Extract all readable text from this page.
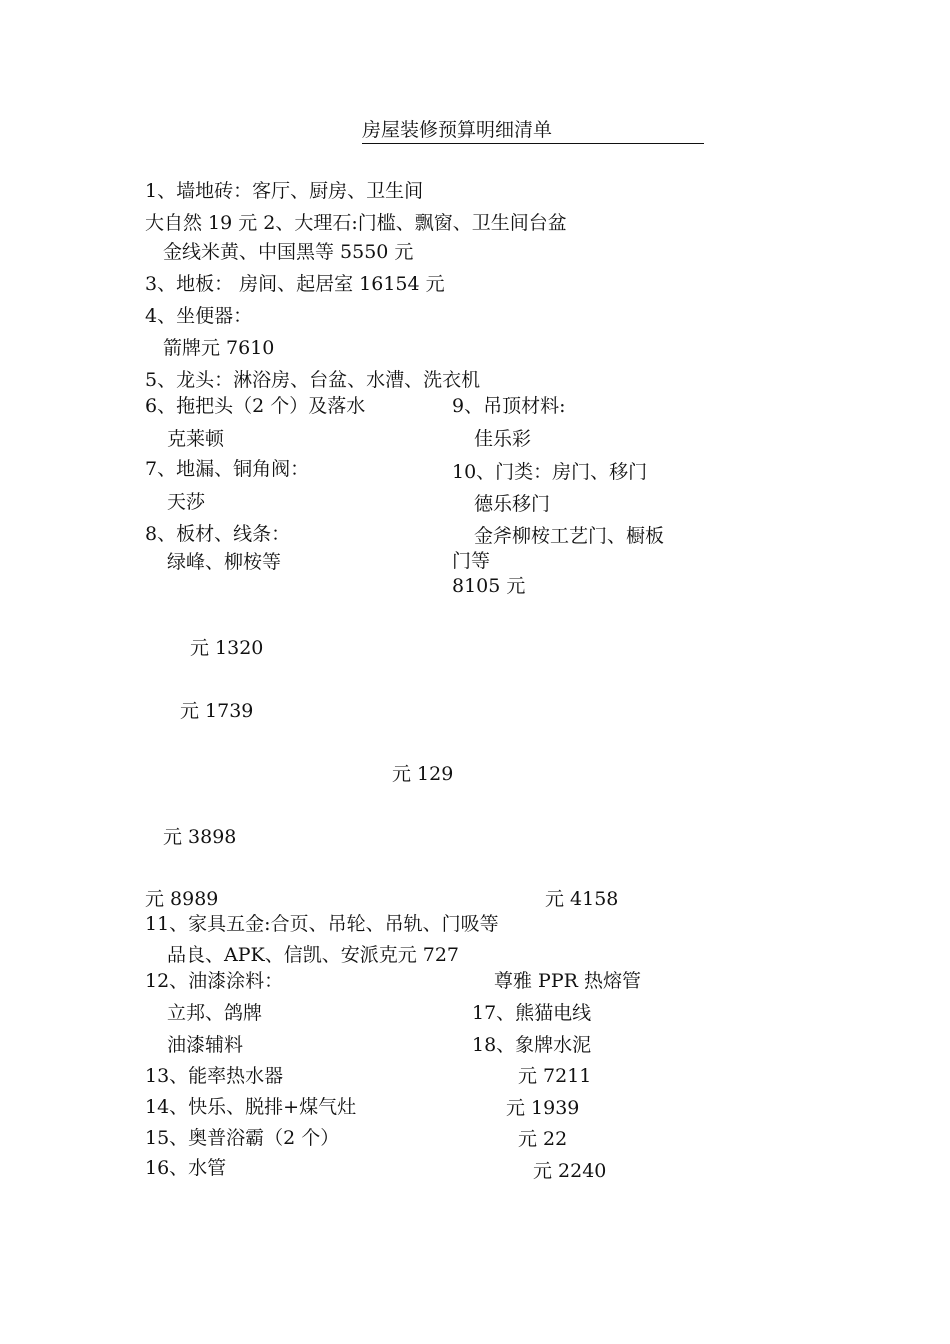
房屋装修预算明细清单
1、墙地砖：客厅、厨房、卫生间
大自然 19 元 2、大理石:门槛、飘窗、卫生间台盆
金线米黄、中国黑等 5550 元
3、地板： 房间、起居室 16154 元
4、坐便器：
箭牌元 7610
5、龙头：淋浴房、台盆、水漕、洗衣机
6、拖把头（2 个）及落水	9、吊顶材料:
克莱顿	佳乐彩
7、地漏、铜角阀：	10、门类：房门、移门
天莎	德乐移门
8、板材、线条：	金斧柳桉工艺门、橱板
绿峰、柳桉等	门等
8105 元
元 1320
元 1739
元 129
元 3898
元 8989	元 4158
11、家具五金:合页、吊轮、吊轨、门吸等
品良、APK、信凯、安派克元 727
12、油漆涂料：	尊雅 PPR 热熔管
立邦、鸽牌	17、熊猫电线
油漆辅料	18、象牌水泥
13、能率热水器	元 7211
14、快乐、脱排+煤气灶	元 1939
15、奥普浴霸（2 个）	元 22
16、水管	元 2240
